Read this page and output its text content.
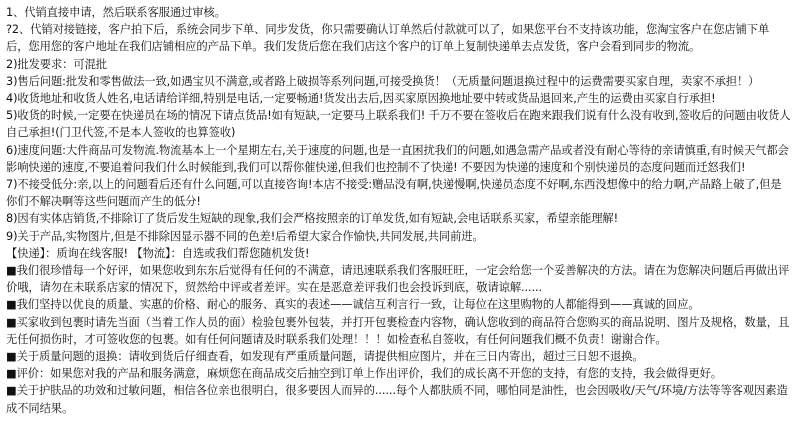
1、代销直接申请，然后联系客服通过审核。

?2、代销对接链接，客户拍下后，系统会同步下单、同步发货，你只需要确认订单然后付款就可以了，如果您平台不支持该功能，您淘宝客户在您店铺下单后，您用您的客户地址在我们店铺相应的产品下单。我们发货后您在我们店这个客户的订单上复制快递单去点发货，客户会看到同步的物流。

2)批发要求：可混批

3)售后问题:批发和零售做法一致,如遇宝贝不满意,或者路上破损等系列问题,可接受换货！（无质量问题退换过程中的运费需要买家自理，卖家不承担！）

4)收货地址和收货人姓名,电话请给详细,特别是电话,一定要畅通!货发出去后,因买家原因换地址要中转或货品退回来,产生的运费由买家自行承担!

5)收货的时候,一定要在快递员在场的情况下请点货品!如有短缺,一定要马上联系我们! 千万不要在签收后在跑来跟我们说有什么没有收到,签收后的问题由收货人自己承担!(门卫代签,不是本人签收的也算签收)

6)速度问题:大件商品可发物流.物流基本上一个星期左右,关于速度的问题,也是一直困扰我们的问题,如遇急需产品或者没有耐心等待的亲请慎重,有时候天气都会影响快递的速度,不要追着问我们什么时候能到,我们可以帮你催快递,但我们也控制不了快递! 不要因为快递的速度和个别快递员的态度问题而迁怒我们!

7)不接受低分:亲,以上的问题看后还有什么问题,可以直接咨询!本店不接受:赠品没有啊,快递慢啊,快递员态度不好啊,东西没想像中的给力啊,产品路上破了,但是你们不解决啊等这些问题而产生的低分!

8)因有实体店销货,不排除订了货后发生短缺的现象,我们会严格按照亲的订单发货,如有短缺,会电话联系买家，希望亲能理解!

9)关于产品,实物图片,但是不排除因显示器不同的色差!后希望大家合作愉快,共同发展,共同前进。

【快递】：质询在线客服! 【物流】：自选或我们帮您随机发货!

■我们很珍惜每一个好评，如果您收到东东后觉得有任何的不满意，请迅速联系我们客服旺旺，一定会给您一个妥善解决的方法。请在为您解决问题后再做出评价哦，请勿在未联系店家的情况下，贸然给中评或者差评。实在是恶意差评我们也会投诉到底，敬请谅解......

■我们坚持以优良的质量、实惠的价格、耐心的服务、真实的表述——诚信互利言行一致，让每位在这里购物的人都能得到——真诚的回应。

■买家收到包裹时请先当面（当着工作人员的面）检验包裹外包装，并打开包裹检查内容物，确认您收到的商品符合您购买的商品说明、图片及规格，数量，且无任何损伤时，才可签收您的包裹。如有任何问题请及时联系我们处理！！！如检查私自签收，有任何问题我们概不负责！谢谢合作。

■关于质量问题的退换：请收到货后仔细查看，如发现有严重质量问题，请提供相应图片，并在三日内寄出，超过三日恕不退换。

■评价：如果您对我的产品和服务满意，麻烦您在商品成交后抽空到订单上作出评价，我们的成长离不开您的支持，有您的支持，我会做得更好。

■关于护肤品的功效和过敏问题，相信各位亲也很明白，很多要因人而异的......每个人都肤质不同，哪怕同是油性，也会因吸收/天气/环境/方法等等客观因素造成不同结果。
